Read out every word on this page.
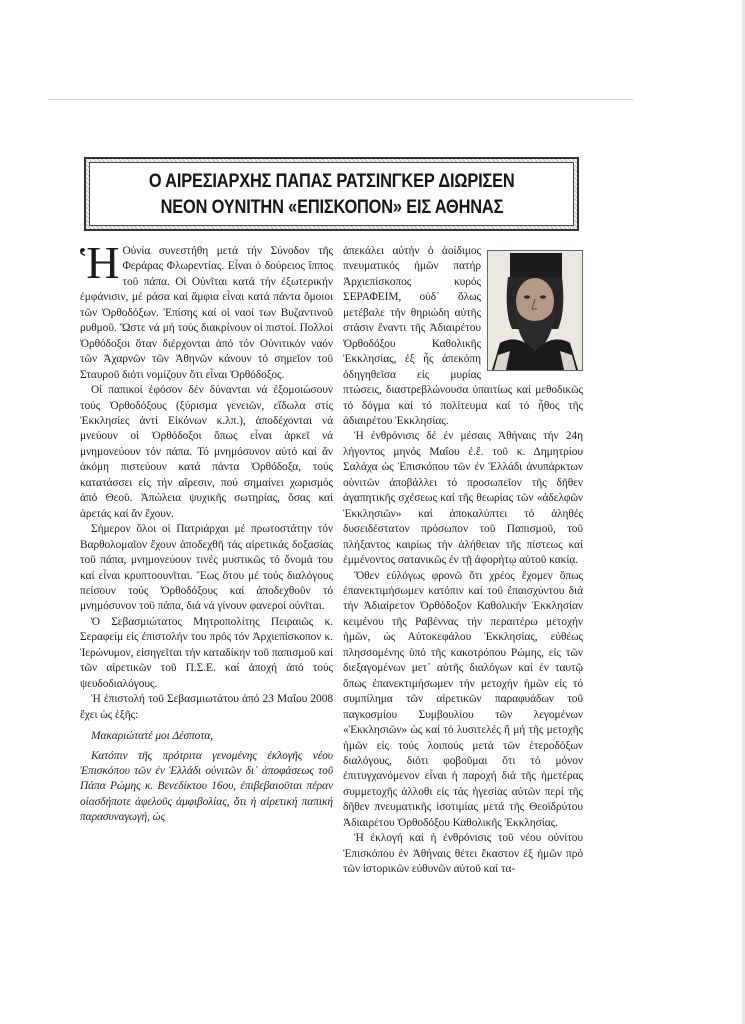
Ο ΑΙΡΕΣΙΑΡΧΗΣ ΠΑΠΑΣ ΡΑΤΣΙΝΓΚΕΡ ΔΙΩΡΙΣΕΝ
ΝΕΟΝ ΟΥΝΙΤΗΝ «ΕΠΙΣΚΟΠΟΝ» ΕΙΣ ΑΘΗΝΑΣ

Ἡ Οὐνία συνεστήθη μετά τήν Σύνοδον τῆς Φεράρας Φλωρεντίας. Εἶναι ὁ δούρειος ἵππος τοῦ πάπα. Οἱ Οὐνῖται κατά τήν ἐξωτερικήν ἐμφάνισιν, μέ ράσα καί ἄμφια εἶναι κατά πάντα ὅμοιοι τῶν Ὀρθοδόξων. Ἐπίσης καί οἱ ναοί των Βυζαντινοῦ ρυθμοῦ. Ὥστε νά μή τούς διακρίνουν οἱ πιστοί. Πολλοί Ὀρθόδοξοι ὅταν διέρχονται ἀπό τόν Οὐνιτικόν ναόν τῶν Ἀχαρνῶν τῶν Ἀθηνῶν κάνουν τό σημεῖον τοῦ Σταυροῦ διότι νομίζουν ὅτι εἶναι Ὀρθόδοξος.

Οἱ παπικοί ἐφόσον δέν δύνανται νά ἐξομοιώσουν τούς Ὀρθοδόξους (ξύρισμα γενειῶν, εἴδωλα στίς Ἐκκλησίες ἀντί Εἰκόνων κ.λπ.), ἀποδέχονται νά μνεύουν οἱ Ὀρθόδοξοι ὅπως εἶναι ἀρκεῖ νά μνημονεύουν τόν πάπα. Τό μνημόσυνον αὐτό καί ἄν ἀκόμη πιστεύουν κατά πάντα Ὀρθόδοξα, τούς κατατάσσει εἰς τήν αἵρεσιν, πού σημαίνει χωρισμός ἀπό Θεοῦ. Ἀπώλεια ψυχικῆς σωτηρίας, ὅσας καί ἀρετάς καί ἄν ἔχουν.

Σήμερον ὅλοι οἱ Πατριάρχαι μέ πρωτοστάτην τόν Βαρθολομαῖον ἔχουν ἀποδεχθῆ τάς αἱρετικάς δοξασίας τοῦ πάπα, μνημονεύουν τινές μυστικῶς τό ὄνομά του καί εἶναι κρυπτοουνῖται. Ἕως ὅτου μέ τούς διαλόγους πείσουν τούς Ὀρθοδόξους καί ἀποδεχθοῦν τό μνημόσυνον τοῦ πάπα, διά νά γίνουν φανεροί οὐνῖται.

Ὁ Σεβασμιώτατος Μητροπολίτης Πειραιῶς κ. Σεραφείμ εἰς ἐπιστολήν του πρός τόν Ἀρχιεπίσκοπον κ. Ἱερώνυμον, εἰσηγεῖται τήν καταδίκην τοῦ παπισμοῦ καί τῶν αἱρετικῶν τοῦ Π.Σ.Ε. καί ἀποχή ἀπό τούς ψευδοδιαλόγους.

Ἡ ἐπιστολή τοῦ Σεβασμιωτάτου ἀπό 23 Μαΐου 2008 ἔχει ὡς ἑξῆς:

Μακαριώτατέ μοι Δέσποτα,

Κατόπιν τῆς πρότριτα γενομένης ἐκλογῆς νέου Ἐπισκόπου τῶν ἐν Ἑλλάδι οὐνιτῶν δι᾽ ἀποφάσεως τοῦ Πάπα Ρώμης κ. Βενεδίκτου 16ου, ἐπιβεβαιοῦται πέραν οἱασδήποτε ἀφελοῦς ἀμφιβολίας, ὅτι ἡ αἱρετική παπική παρασυναγωγή, ὡς

ἀπεκάλει αὐτήν ὁ ἀοίδιμος πνευματικός ἡμῶν πατήρ Ἀρχιεπίσκοπος κυρός ΣΕΡΑΦΕΙΜ, οὐδ᾽ ὅλως μετέβαλε τήν θηριώδη αὐτῆς στάσιν ἔναντι τῆς Ἀδιαιρέτου Ὀρθοδόξου Καθολικῆς Ἐκκλησίας, ἐξ ἧς ἀπεκόπη ὁδηγηθεῖσα εἰς μυρίας πτώσεις, διαστρεβλώνουσα ὑπαιτίως καί μεθοδικῶς τό δόγμα καί τό πολίτευμα καί τό ἦθος τῆς ἀδιαιρέτου Ἐκκλησίας.

Ἡ ἐνθρόνισις δέ ἐν μέσαις Ἀθήναις τήν 24η λήγοντος μηνός Μαΐου ἐ.ἔ. τοῦ κ. Δημητρίου Σαλάχα ὡς Ἐπισκόπου τῶν ἐν Ἑλλάδι ἀνυπάρκτων οὐνιτῶν ἀποβάλλει τό προσωπεῖον τῆς δῆθεν ἀγαπητικῆς σχέσεως καί τῆς θεωρίας τῶν «ἀδελφῶν Ἐκκλησιῶν» καί ἀποκαλύπτει τό ἀληθές δυσειδέστατον πρόσωπον τοῦ Παπισμοῦ, τοῦ πλήξαντος καιρίως τήν ἀλήθειαν τῆς πίστεως καί ἐμμένοντος σατανικῶς ἐν τῇ ἀφορήτῳ αὐτοῦ κακίᾳ.

Ὅθεν εὐλόγως φρονῶ ὅτι χρέος ἔχομεν ὅπως ἐπανεκτιμήσωμεν κατόπιν καί τοῦ ἐπαισχύντου διά τήν Ἀδιαίρετον Ὀρθόδοξον Καθολικήν Ἐκκλησίαν κειμένου τῆς Ραβέννας τήν περαιτέρω μετοχήν ἡμῶν, ὡς Αὐτοκεφάλου Ἐκκλησίας, εὐθέως πλησσομένης ὑπό τῆς κακοτρόπου Ρώμης, εἰς τῶν διεξαγομένων μετ᾽ αὐτῆς διαλόγων καί ἐν ταυτῷ ὅπως ἐπανεκτιμήσωμεν τήν μετοχήν ἡμῶν εἰς τό συμπίλημα τῶν αἱρετικῶν παραφυάδων τοῦ παγκοσμίου Συμβουλίου τῶν λεγομένων «Ἐκκλησιῶν» ὡς καί τό λυσιτελές ἤ μή τῆς μετοχῆς ἡμῶν εἰς τούς λοιπούς μετά τῶν ἑτεροδόξων διαλόγους, διότι φοβοῦμαι ὅτι τό μόνον ἐπιτυγχανόμενον εἶναι ἡ παροχή διά τῆς ἡμετέρας συμμετοχῆς ἀλλοθι εἰς τάς ἡγεσίας αὐτῶν περί τῆς δῆθεν πνευματικῆς ἰσοτιμίας μετά τῆς Θεοϊδρύτου Ἀδιαιρέτου Ὀρθοδόξου Καθολικῆς Ἐκκλησίας.

Ἡ ἐκλογή καί ἡ ἐνθρόνισις τοῦ νέου οὐνίτου Ἐπισκόπου ἐν Ἀθήναις θέτει ἕκαστον ἐξ ἡμῶν πρό τῶν ἱστορικῶν εὐθυνῶν αὐτοῦ καί τα-
